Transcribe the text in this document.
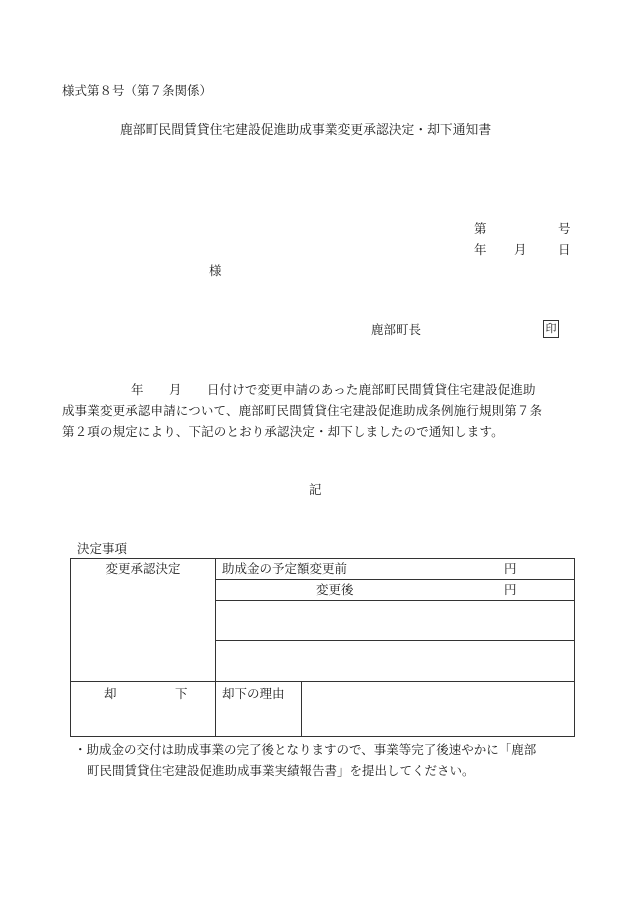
様式第８号（第７条関係）
鹿部町民間賃貸住宅建設促進助成事業変更承認決定・却下通知書
第	号
年 月	日
様
鹿部町長	印
年　　月　　日付けで変更申請のあった鹿部町民間賃貸住宅建設促進助
成事業変更承認申請について、鹿部町民間賃貸住宅建設促進助成条例施行規則第７条
第２項の規定により、下記のとおり承認決定・却下しましたので通知します。
記
決定事項
変更承認決定	助成金の予定額変更前 円	

	変更後 円	

却 下	却下の理由	
・助成金の交付は助成事業の完了後となりますので、事業等完了後速やかに「鹿部
町民間賃貸住宅建設促進助成事業実績報告書」を提出してください。
